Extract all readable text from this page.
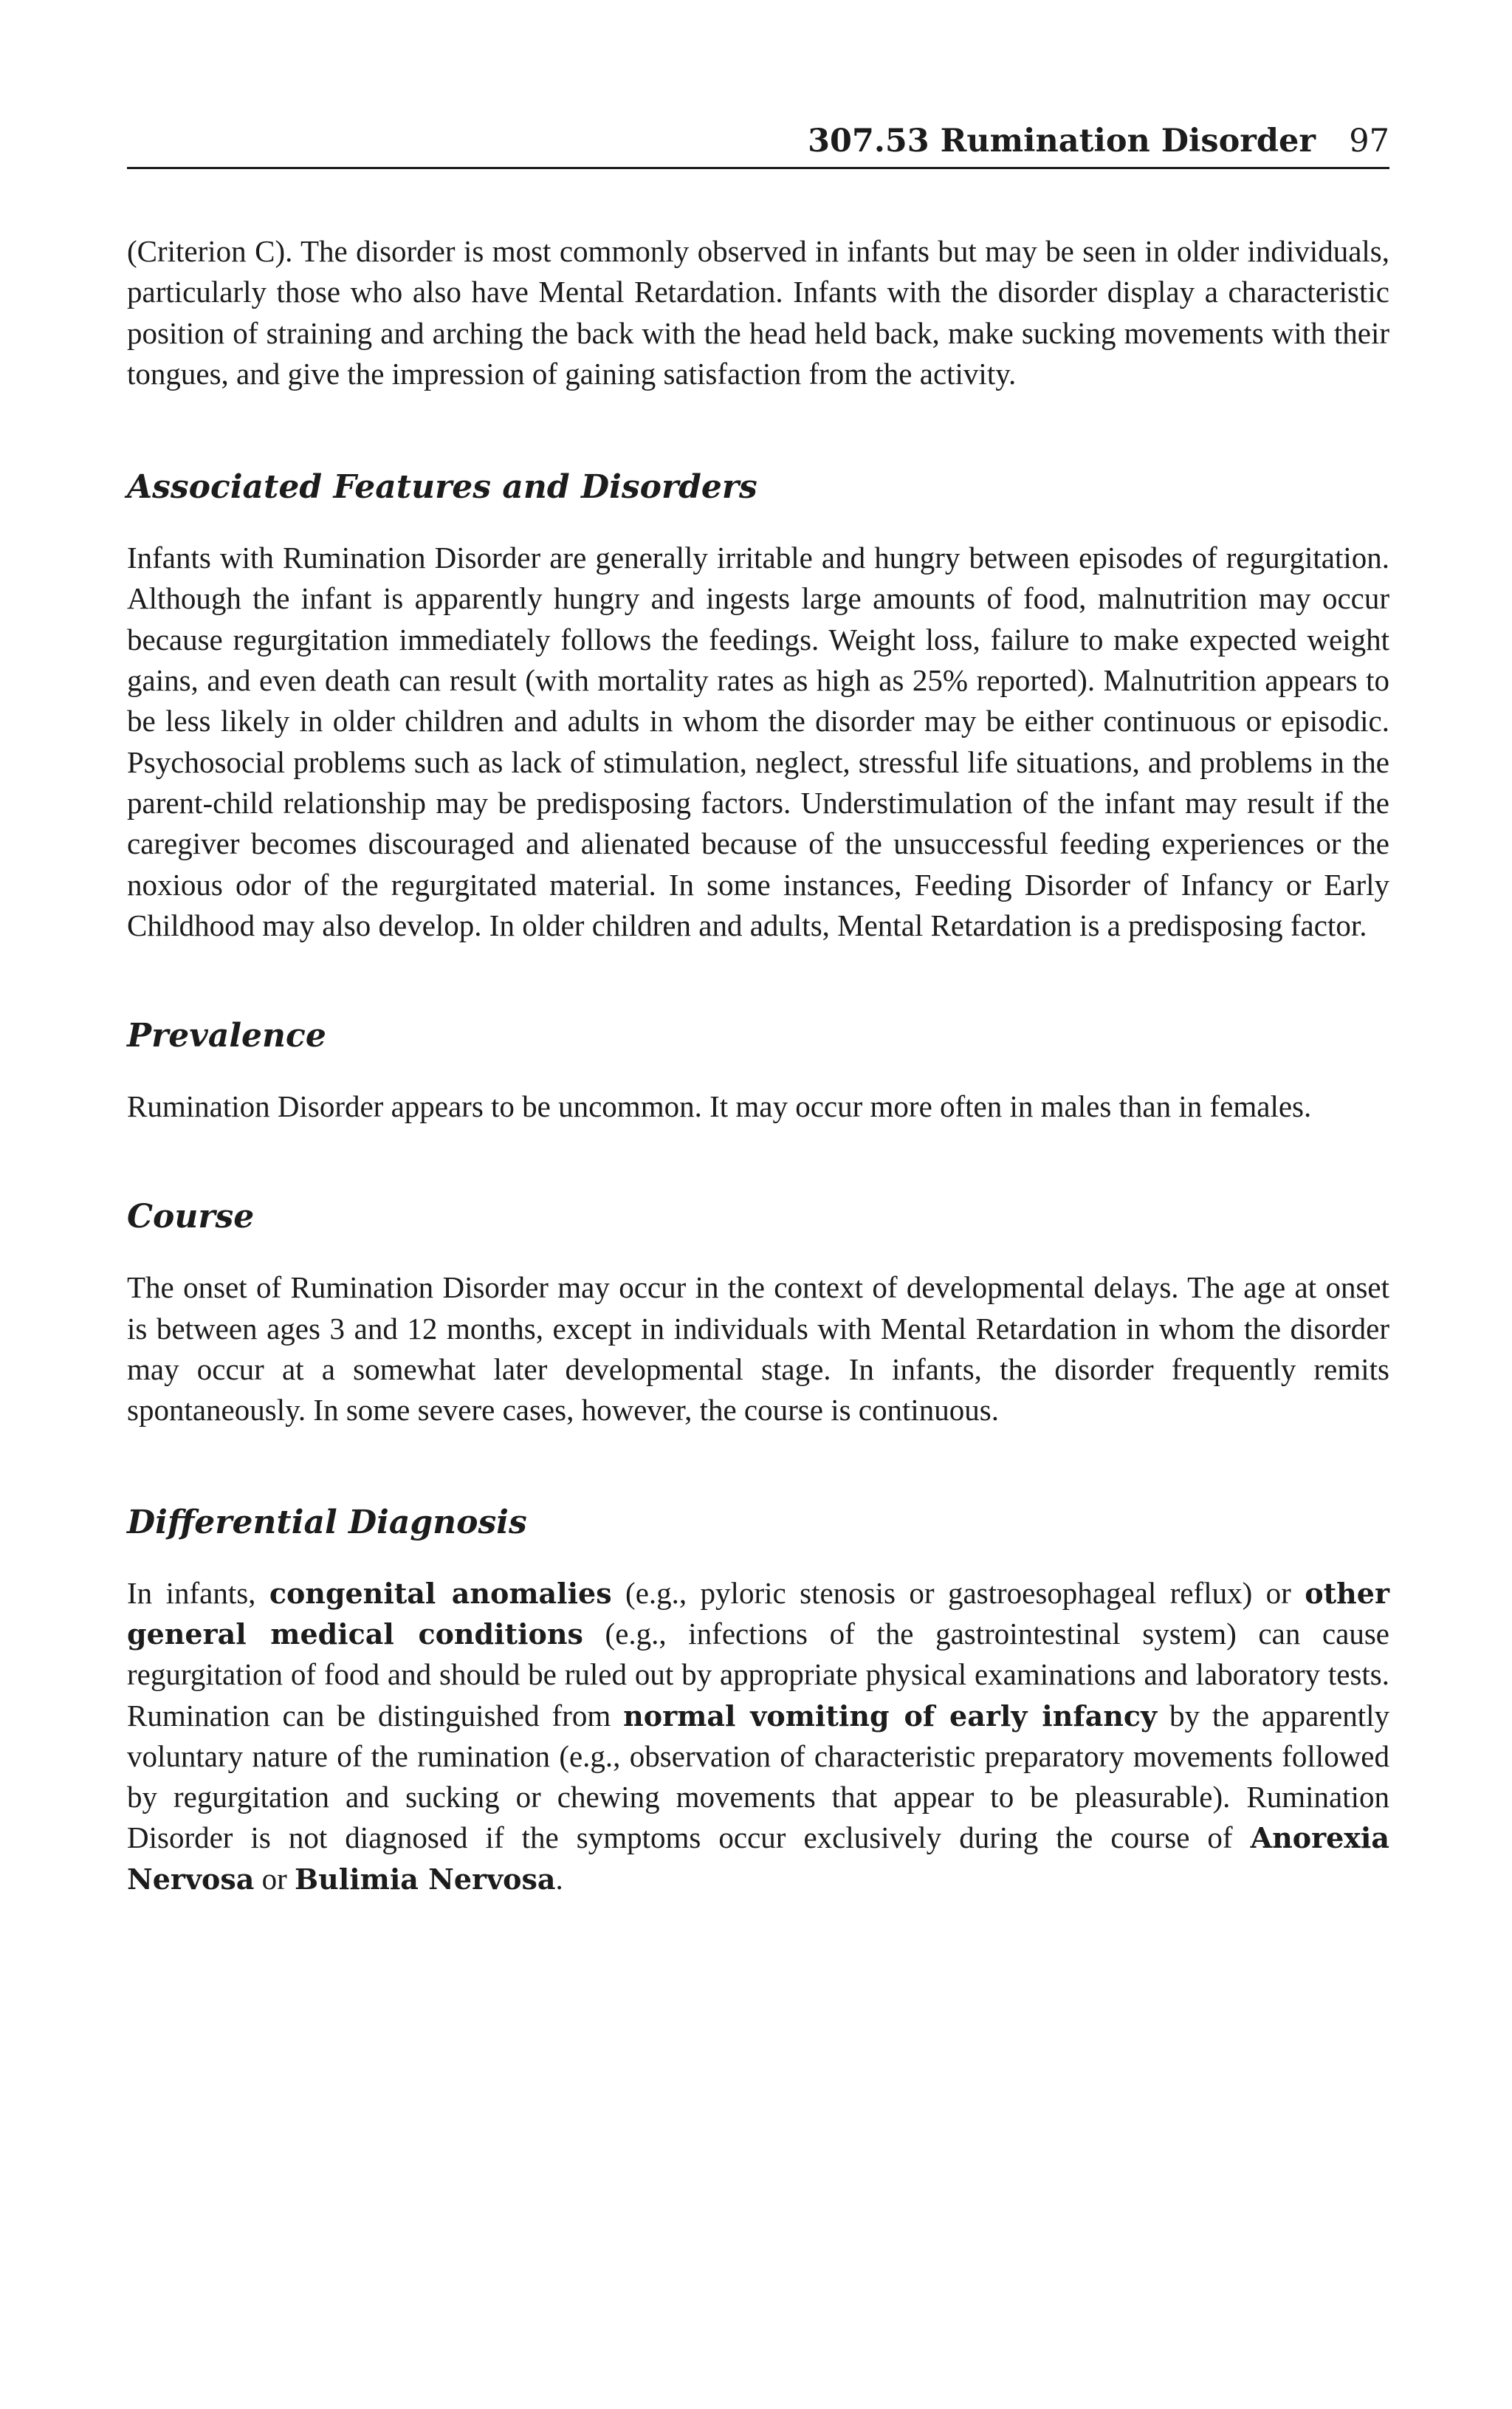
307.53 Rumination Disorder 97

(Criterion C). The disorder is most commonly observed in infants but may be seen in older individuals, particularly those who also have Mental Retardation. Infants with the disorder display a characteristic position of straining and arching the back with the head held back, make sucking movements with their tongues, and give the impression of gaining satisfaction from the activity.

Associated Features and Disorders

Infants with Rumination Disorder are generally irritable and hungry between episodes of regurgitation. Although the infant is apparently hungry and ingests large amounts of food, malnutrition may occur because regurgitation immediately follows the feedings. Weight loss, failure to make expected weight gains, and even death can result (with mortality rates as high as 25% reported). Malnutrition appears to be less likely in older children and adults in whom the disorder may be either continuous or episodic. Psychosocial problems such as lack of stimulation, neglect, stressful life situations, and problems in the parent-child relationship may be predisposing factors. Understimulation of the infant may result if the caregiver becomes discouraged and alienated because of the unsuccessful feeding experiences or the noxious odor of the regurgitated material. In some instances, Feeding Disorder of Infancy or Early Childhood may also develop. In older children and adults, Mental Retardation is a predisposing factor.

Prevalence

Rumination Disorder appears to be uncommon. It may occur more often in males than in females.

Course

The onset of Rumination Disorder may occur in the context of developmental delays. The age at onset is between ages 3 and 12 months, except in individuals with Mental Retardation in whom the disorder may occur at a somewhat later developmental stage. In infants, the disorder frequently remits spontaneously. In some severe cases, however, the course is continuous.

Differential Diagnosis

In infants, congenital anomalies (e.g., pyloric stenosis or gastroesophageal reflux) or other general medical conditions (e.g., infections of the gastrointestinal system) can cause regurgitation of food and should be ruled out by appropriate physical examinations and laboratory tests. Rumination can be distinguished from normal vomiting of early infancy by the apparently voluntary nature of the rumination (e.g., observation of characteristic preparatory movements followed by regurgitation and sucking or chewing movements that appear to be pleasurable). Rumination Disorder is not diagnosed if the symptoms occur exclusively during the course of Anorexia Nervosa or Bulimia Nervosa.
